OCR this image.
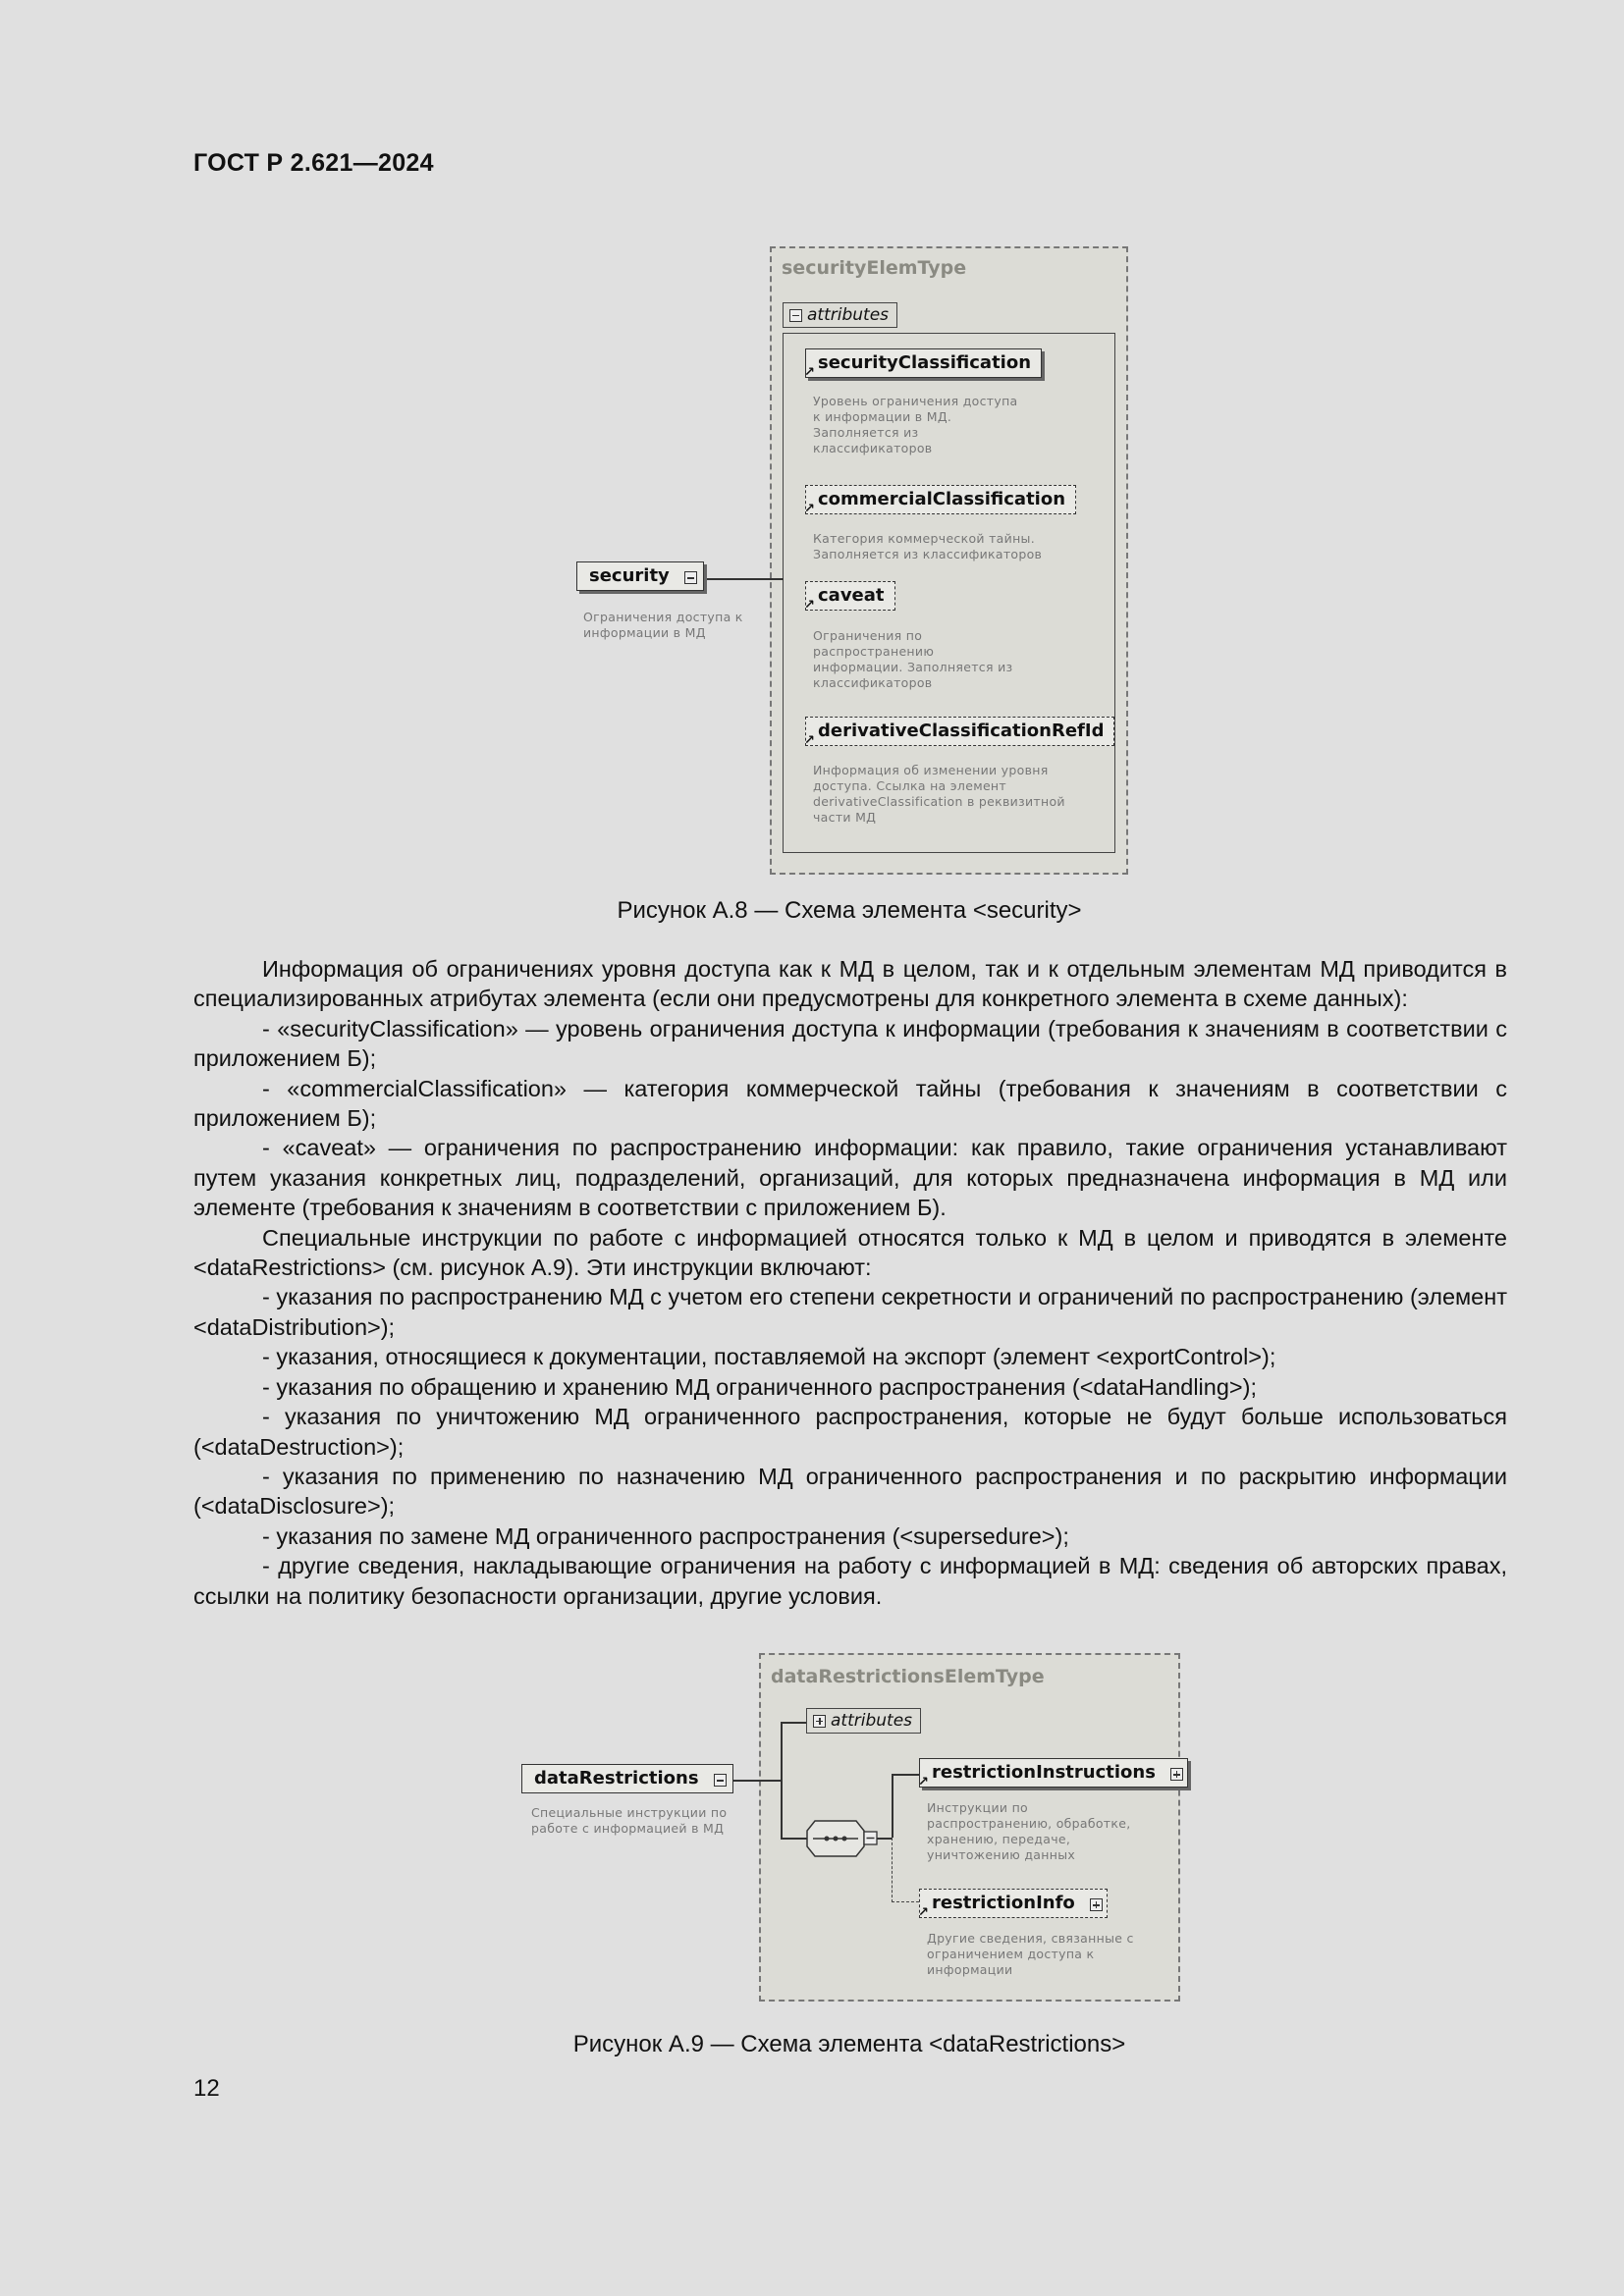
ГОСТ Р 2.621—2024
securityElemType
attributes
security
Ограничения доступа к
информации в МД
↗ securityClassification
Уровень ограничения доступа
к информации в МД.
Заполняется из
классификаторов
↗ commercialClassification
Категория коммерческой тайны.
Заполняется из классификаторов
↗ caveat
Ограничения по
распространению
информации. Заполняется из
классификаторов
↗ derivativeClassificationRefId
Информация об изменении уровня
доступа. Ссылка на элемент
derivativeClassification в реквизитной
части МД
Рисунок А.8 — Схема элемента <security>

Информация об ограничениях уровня доступа как к МД в целом, так и к отдельным элементам МД приводится в специализированных атрибутах элемента (если они предусмотрены для конкретного элемента в схеме данных):

- «securityClassification» — уровень ограничения доступа к информации (требования к значениям в соответствии с приложением Б);

- «commercialClassification» — категория коммерческой тайны (требования к значениям в соответствии с приложением Б);

- «caveat» — ограничения по распространению информации: как правило, такие ограничения устанавливают путем указания конкретных лиц, подразделений, организаций, для которых предназначена информация в МД или элементе (требования к значениям в соответствии с приложением Б).

Специальные инструкции по работе с информацией относятся только к МД в целом и приводятся в элементе <dataRestrictions> (см. рисунок А.9). Эти инструкции включают:

- указания по распространению МД с учетом его степени секретности и ограничений по распространению (элемент <dataDistribution>);

- указания, относящиеся к документации, поставляемой на экспорт (элемент <exportControl>);

- указания по обращению и хранению МД ограниченного распространения (<dataHandling>);

- указания по уничтожению МД ограниченного распространения, которые не будут больше использоваться (<dataDestruction>);

- указания по применению по назначению МД ограниченного распространения и по раскрытию информации (<dataDisclosure>);

- указания по замене МД ограниченного распространения (<supersedure>);

- другие сведения, накладывающие ограничения на работу с информацией в МД: сведения об авторских правах, ссылки на политику безопасности организации, другие условия.

dataRestrictionsElemType
attributes
dataRestrictions
Специальные инструкции по
работе с информацией в МД
↗ restrictionInstructions
Инструкции по
распространению, обработке,
хранению, передаче,
уничтожению данных
↗ restrictionInfo
Другие сведения, связанные с
ограничением доступа к
информации
Рисунок А.9 — Схема элемента <dataRestrictions>
12
